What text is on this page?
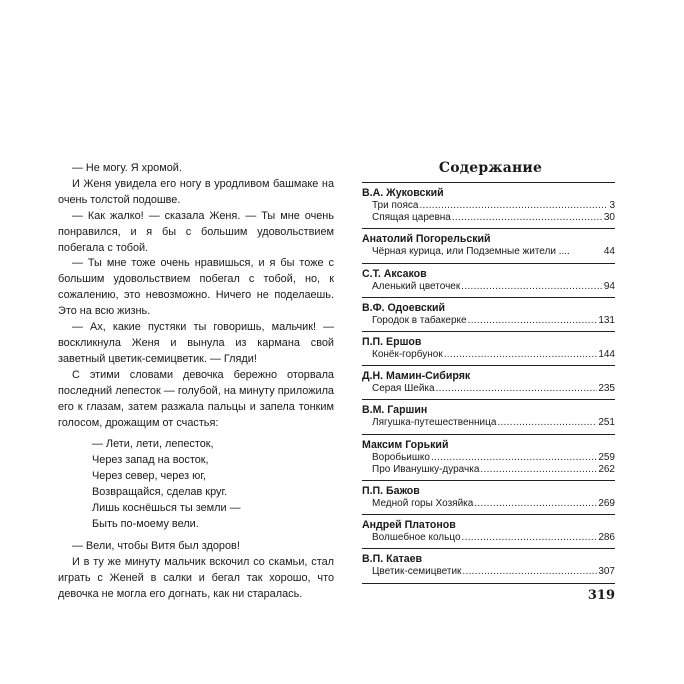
— Не могу. Я хромой.

И Женя увидела его ногу в уродливом башмаке на очень толстой подошве.

— Как жалко! — сказала Женя. — Ты мне очень понравился, и я бы с большим удовольствием побегала с тобой.

— Ты мне тоже очень нравишься, и я бы тоже с большим удовольствием побегал с тобой, но, к сожалению, это невозможно. Ничего не поделаешь. Это на всю жизнь.

— Ах, какие пустяки ты говоришь, мальчик! — воскликнула Женя и вынула из кармана свой заветный цветик-семицветик. — Гляди!

С этими словами девочка бережно оторвала последний лепесток — голубой, на минуту приложила его к глазам, затем разжала пальцы и запела тонким голосом, дрожащим от счастья:

— Лети, лети, лепесток,
Через запад на восток,
Через север, через юг,
Возвращайся, сделав круг.
Лишь коснёшься ты земли —
Быть по-моему вели.

— Вели, чтобы Витя был здоров!

И в ту же минуту мальчик вскочил со скамьи, стал играть с Женей в салки и бегал так хорошо, что девочка не могла его догнать, как ни старалась.

Содержание
В.А. Жуковский
Три пояса .....	3
Спящая царевна .....	30
Анатолий Погорельский
Чёрная курица, или Подземные жители ....	44
С.Т. Аксаков
Аленький цветочек .....	94
В.Ф. Одоевский
Городок в табакерке .....	131
П.П. Ершов
Конёк-горбунок .....	144
Д.Н. Мамин-Сибиряк
Серая Шейка .....	235
В.М. Гаршин
Лягушка-путешественница .....	251
Максим Горький
Воробьишко .....	259
Про Иванушку-дурачка .....	262
П.П. Бажов
Медной горы Хозяйка .....	269
Андрей Платонов
Волшебное кольцо .....	286
В.П. Катаев
Цветик-семицветик .....	307
319
